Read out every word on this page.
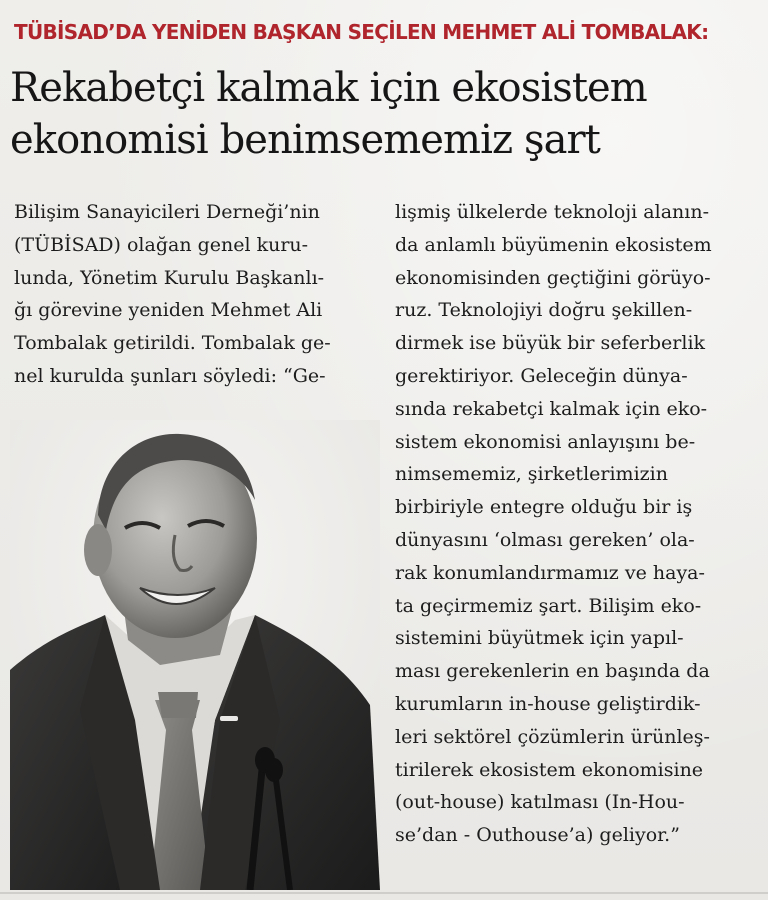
TÜBİSAD’DA YENİDEN BAŞKAN SEÇİLEN MEHMET ALİ TOMBALAK:
Rekabetçi kalmak için ekosistem
ekonomisi benimsememiz şart
Bilişim Sanayicileri Derneği’nin
(TÜBİSAD) olağan genel kuru-
lunda, Yönetim Kurulu Başkanlı-
ğı görevine yeniden Mehmet Ali
Tombalak getirildi. Tombalak ge-
nel kurulda şunları söyledi: “Ge-
lişmiş ülkelerde teknoloji alanın-
da anlamlı büyümenin ekosistem
ekonomisinden geçtiğini görüyo-
ruz. Teknolojiyi doğru şekillen-
dirmek ise büyük bir seferberlik
gerektiriyor. Geleceğin dünya-
sında rekabetçi kalmak için eko-
sistem ekonomisi anlayışını be-
nimsememiz, şirketlerimizin
birbiriyle entegre olduğu bir iş
dünyasını ‘olması gereken’ ola-
rak konumlandırmamız ve haya-
ta geçirmemiz şart. Bilişim eko-
sistemini büyütmek için yapıl-
ması gerekenlerin en başında da
kurumların in-house geliştirdik-
leri sektörel çözümlerin ürünleş-
tirilerek ekosistem ekonomisine
(out-house) katılması (In-Hou-
se’dan - Outhouse’a) geliyor.”
